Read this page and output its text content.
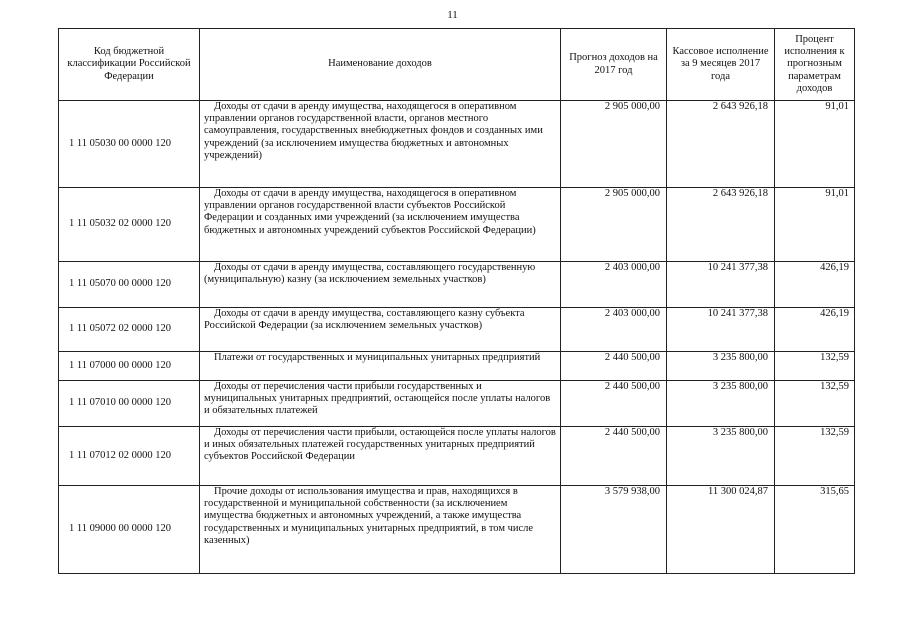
11
Код бюджетной классификации Российской Федерации	Наименование доходов	Прогноз доходов на 2017 год	Кассовое исполнение за 9 месяцев 2017 года	Процент исполнения к прогнозным параметрам доходов
1 11 05030 00 0000 120	Доходы от сдачи в аренду имущества, находящегося в оперативном управлении органов государственной власти, органов местного самоуправления, государственных внебюджетных фондов и созданных ими учреждений (за исключением имущества бюджетных и автономных учреждений)	2 905 000,00	2 643 926,18	91,01
1 11 05032 02 0000 120	Доходы от сдачи в аренду имущества, находящегося в оперативном управлении органов государственной власти субъектов Российской Федерации и созданных ими учреждений (за исключением имущества бюджетных и автономных учреждений субъектов Российской Федерации)	2 905 000,00	2 643 926,18	91,01
1 11 05070 00 0000 120	Доходы от сдачи в аренду имущества, составляющего государственную (муниципальную) казну (за исключением земельных участков)	2 403 000,00	10 241 377,38	426,19
1 11 05072 02 0000 120	Доходы от сдачи в аренду имущества, составляющего казну субъекта Российской Федерации (за исключением земельных участков)	2 403 000,00	10 241 377,38	426,19
1 11 07000 00 0000 120	Платежи от государственных и муниципальных унитарных предприятий	2 440 500,00	3 235 800,00	132,59
1 11 07010 00 0000 120	Доходы от перечисления части прибыли государственных и муниципальных унитарных предприятий, остающейся после уплаты налогов и обязательных платежей	2 440 500,00	3 235 800,00	132,59
1 11 07012 02 0000 120	Доходы от перечисления части прибыли, остающейся после уплаты налогов и иных обязательных платежей государственных унитарных предприятий субъектов Российской Федерации	2 440 500,00	3 235 800,00	132,59
1 11 09000 00 0000 120	Прочие доходы от использования имущества и прав, находящихся в государственной и муниципальной собственности (за исключением имущества бюджетных и автономных учреждений, а также имущества государственных и муниципальных унитарных предприятий, в том числе казенных)	3 579 938,00	11 300 024,87	315,65
